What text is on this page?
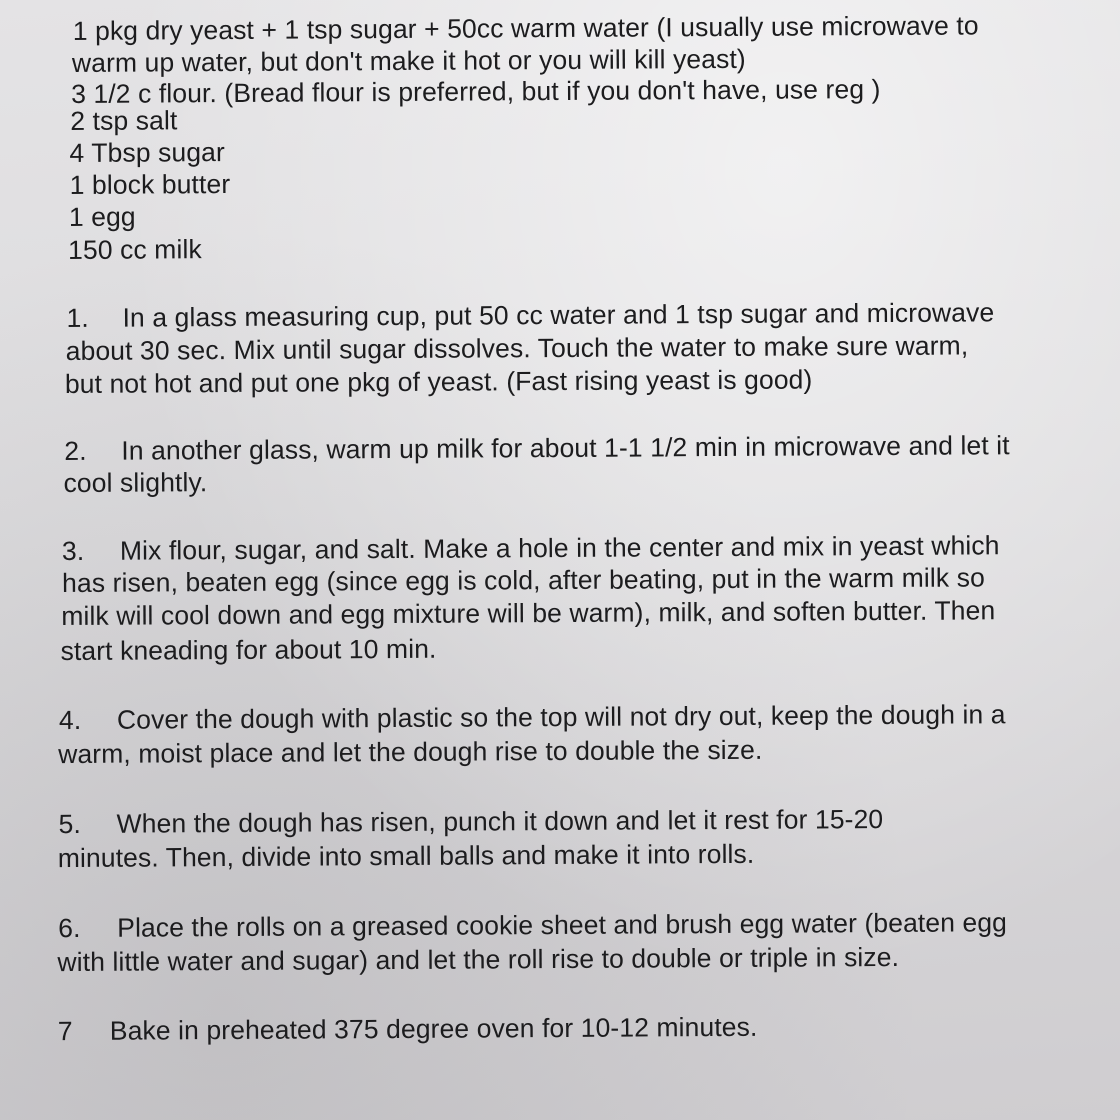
1 pkg dry yeast + 1 tsp sugar + 50cc warm water (I usually use microwave to
warm up water, but don't make it hot or you will kill yeast)
3 1/2 c flour. (Bread flour is preferred, but if you don't have, use reg )
2 tsp salt
4 Tbsp sugar
1 block butter
1 egg
150 cc milk
1. In a glass measuring cup, put 50 cc water and 1 tsp sugar and microwave
about 30 sec. Mix until sugar dissolves. Touch the water to make sure warm,
but not hot and put one pkg of yeast. (Fast rising yeast is good)
2. In another glass, warm up milk for about 1-1 1/2 min in microwave and let it
cool slightly.
3. Mix flour, sugar, and salt. Make a hole in the center and mix in yeast which
has risen, beaten egg (since egg is cold, after beating, put in the warm milk so
milk will cool down and egg mixture will be warm), milk, and soften butter. Then
start kneading for about 10 min.
4. Cover the dough with plastic so the top will not dry out, keep the dough in a
warm, moist place and let the dough rise to double the size.
5. When the dough has risen, punch it down and let it rest for 15-20
minutes. Then, divide into small balls and make it into rolls.
6. Place the rolls on a greased cookie sheet and brush egg water (beaten egg
with little water and sugar) and let the roll rise to double or triple in size.
7 Bake in preheated 375 degree oven for 10-12 minutes.
